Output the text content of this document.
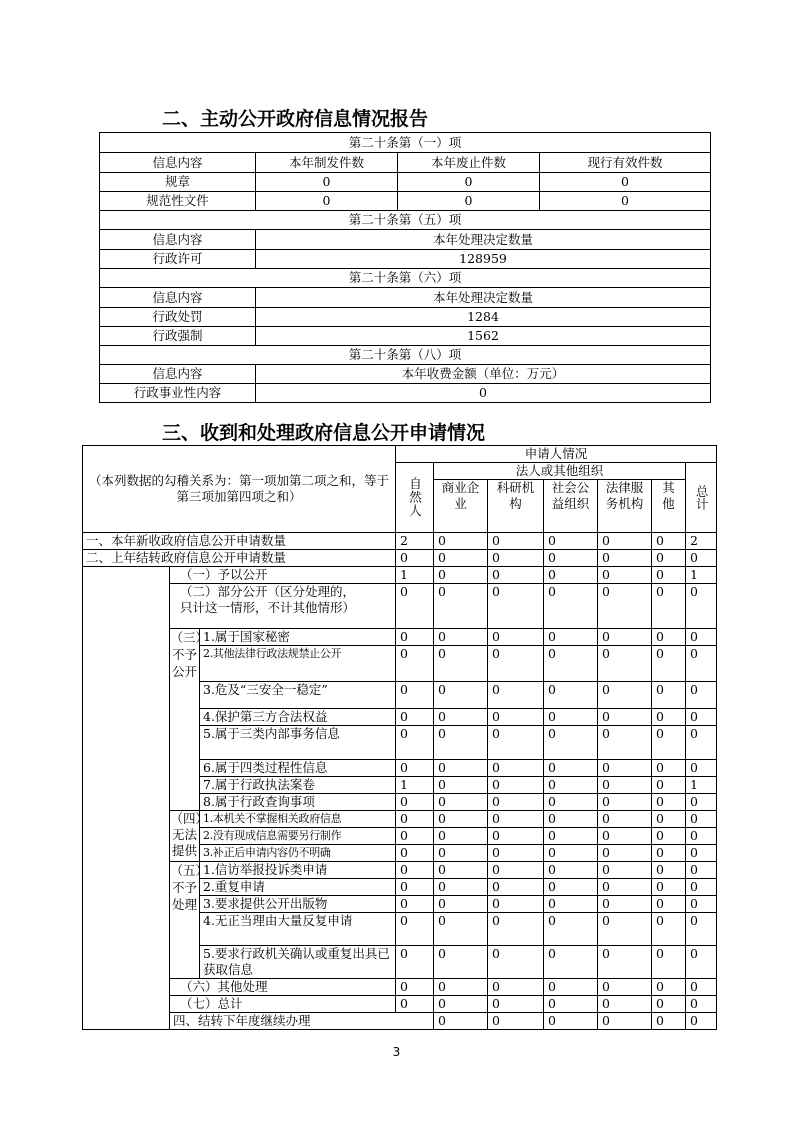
二、主动公开政府信息情况报告
第二十条第（一）项			
信息内容	本年制发件数	本年废止件数	现行有效件数
规章	0	0	0
规范性文件	0	0	0
第二十条第（五）项			
信息内容	本年处理决定数量		
行政许可	128959		
第二十条第（六）项			
信息内容	本年处理决定数量		
行政处罚	1284		
行政强制	1562		
第二十条第（八）项			
信息内容	本年收费金额（单位：万元）		
行政事业性内容	0		
三、收到和处理政府信息公开申请情况
（本列数据的勾稽关系为：第一项加第二项之和，等于第三项加第四项之和）			申请人情况							
			自然人	法人或其他组织					总计	
				商业企业	科研机构	社会公益组织	法律服务机构	其他		

一、本年新收政府信息公开申请数量			2	0	0	0	0	0	2	
二、上年结转政府信息公开申请数量			0	0	0	0	0	0	0	
	（一）予以公开		1	0	0	0	0	0	1	
	（二）部分公开（区分处理的，只计这一情形，不计其他情形）		0	0	0	0	0	0	0	

	（三）不予公开	1.属于国家秘密	0	0	0	0	0	0	0	
		2.其他法律行政法规禁止公开	0	0	0	0	0	0	0	
		3.危及“三安全一稳定”	0	0	0	0	0	0	0	
		4.保护第三方合法权益	0	0	0	0	0	0	0	
		5.属于三类内部事务信息	0	0	0	0	0	0	0	
		6.属于四类过程性信息	0	0	0	0	0	0	0	
		7.属于行政执法案卷	1	0	0	0	0	0	1	
		8.属于行政查询事项	0	0	0	0	0	0	0	

	（四）无法提供	1.本机关不掌握相关政府信息	0	0	0	0	0	0	0	
		2.没有现成信息需要另行制作	0	0	0	0	0	0	0	
		3.补正后申请内容仍不明确	0	0	0	0	0	0	0	

	（五）不予处理	1.信访举报投诉类申请	0	0	0	0	0	0	0	
		2.重复申请	0	0	0	0	0	0	0	
		3.要求提供公开出版物	0	0	0	0	0	0	0	
		4.无正当理由大量反复申请	0	0	0	0	0	0	0	
		5.要求行政机关确认或重复出具已获取信息	0	0	0	0	0	0	0	
	（六）其他处理		0	0	0	0	0	0	0	
	（七）总计		0	0	0	0	0	0	0	
	四、结转下年度继续办理			0	0	0	0	0	0	
3
